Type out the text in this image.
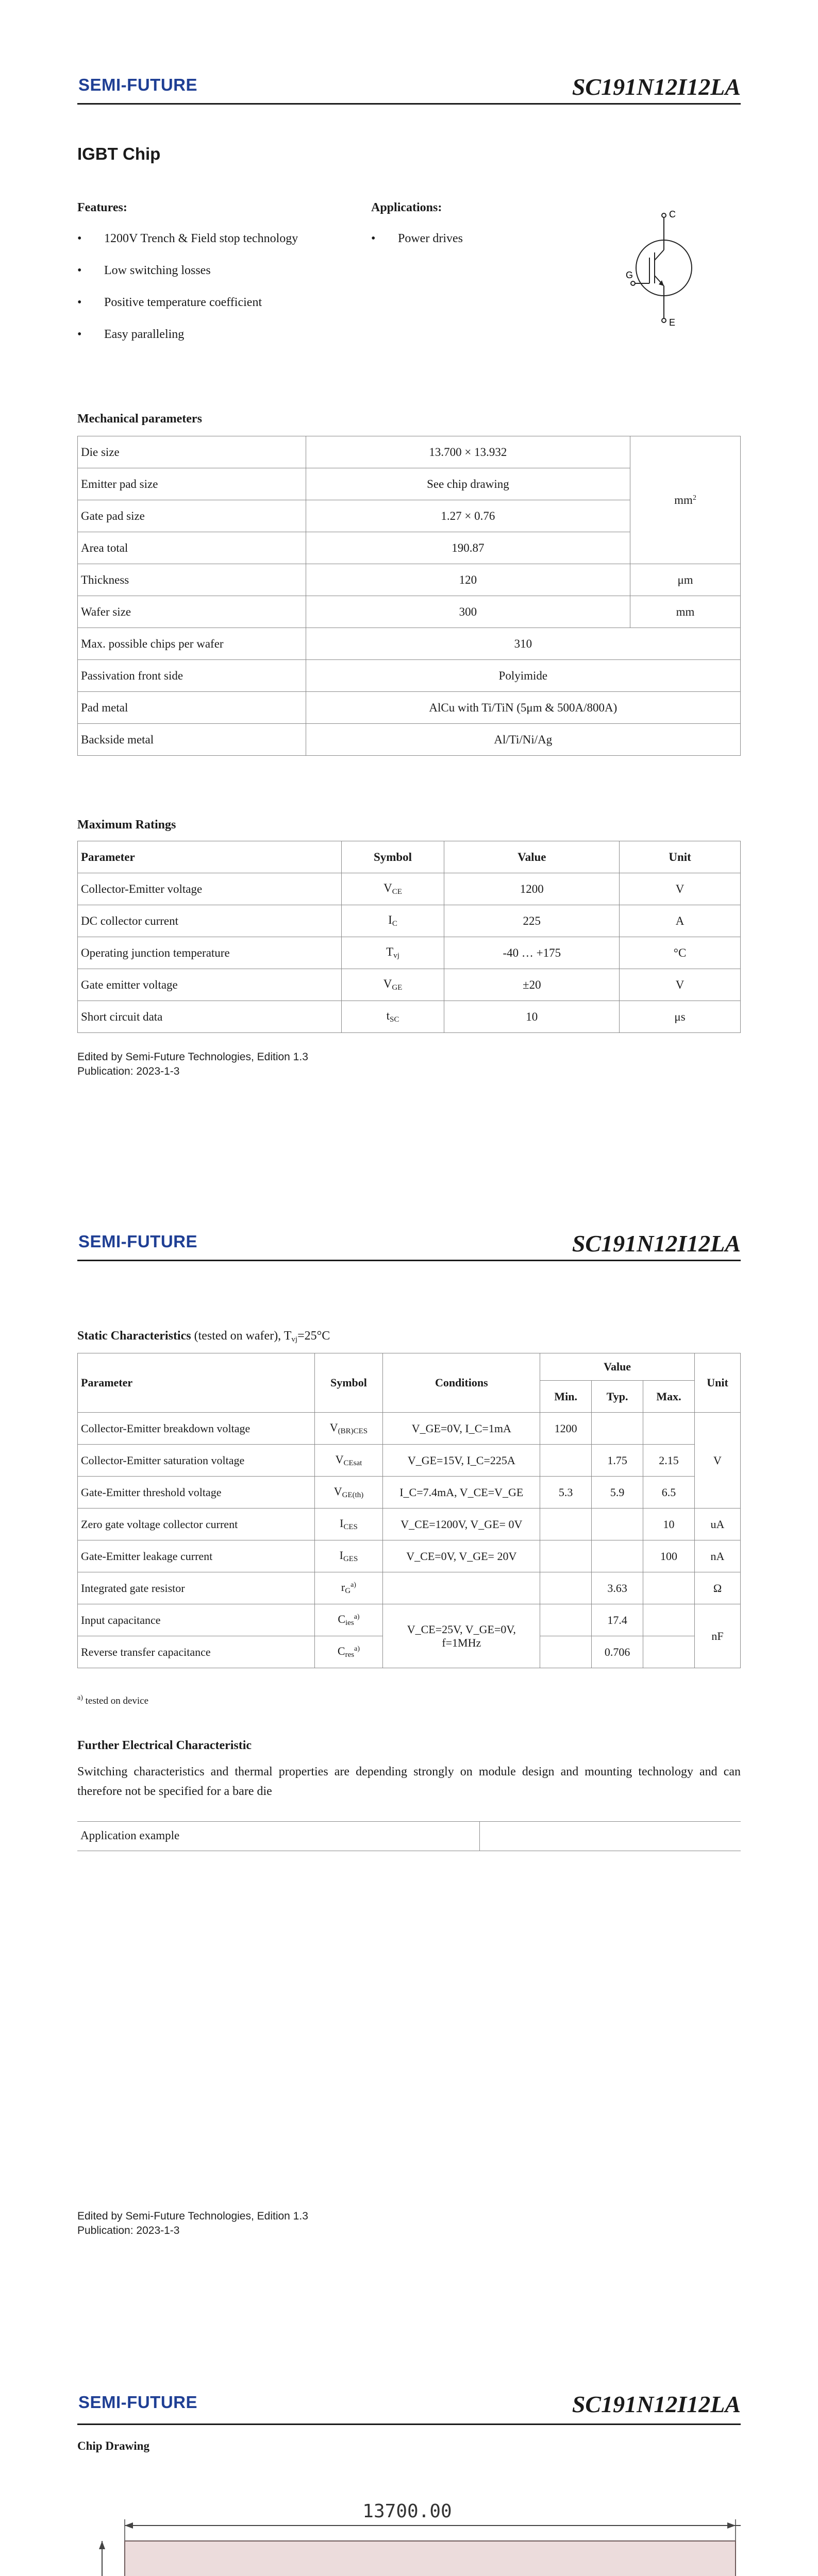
SEMI-FUTURE	SC191N12I12LA
IGBT Chip
Features:
• 1200V Trench & Field stop technology
• Low switching losses
• Positive temperature coefficient
• Easy paralleling
Applications:
• Power drives
C
G
E
Mechanical parameters
Die size	13.700 × 13.932	$mm^2$
Emitter pad size	See chip drawing	
Gate pad size	1.27 × 0.76	
Area total	190.87	
Thickness	120	μm
Wafer size	300	mm
Max. possible chips per wafer	310	
Passivation front side	Polyimide	
Pad metal	AlCu with Ti/TiN (5μm & 500A/800A)	
Backside metal	Al/Ti/Ni/Ag	
Maximum Ratings
Parameter	Symbol	Value	Unit
Collector-Emitter voltage	$V_{CE}$	1200	V
DC collector current	$I_C$	225	A
Operating junction temperature	$T_{vj}$	-40 … +175	°C
Gate emitter voltage	$V_{GE}$	±20	V
Short circuit data	$t_{SC}$	10	μs
Edited by Semi-Future Technologies, Edition 1.3
Publication: 2023-1-3
SEMI-FUTURE	SC191N12I12LA
Static Characteristics (tested on wafer), $T_{vj}=25^\circ C$
Parameter	Symbol	Conditions	Value			Unit
			Min.	Typ.	Max.	
Collector-Emitter breakdown voltage	$V_{(BR)CES}$	V_GE=0V, I_C=1mA	1200			V
Collector-Emitter saturation voltage	$V_{CEsat}$	V_GE=15V, I_C=225A		1.75	2.15	
Gate-Emitter threshold voltage	$V_{GE(th)}$	I_C=7.4mA, V_CE=V_GE	5.3	5.9	6.5	
Zero gate voltage collector current	$I_{CES}$	V_CE=1200V, V_GE= 0V			10	uA
Gate-Emitter leakage current	$I_{GES}$	V_CE=0V, V_GE= 20V			100	nA
Integrated gate resistor	$r_G^{a)}$			3.63		Ω
Input capacitance	$C_{ies}^{a)}$	V_CE=25V, V_GE=0V,
f=1MHz		17.4		nF
Reverse transfer capacitance	$C_{res}^{a)}$			0.706		
$^{a)}$ tested on device
Further Electrical Characteristic
Switching characteristics and thermal properties are depending strongly on module design and mounting technology and can therefore not be specified for a bare die
Application example
Edited by Semi-Future Technologies, Edition 1.3
Publication: 2023-1-3
SEMI-FUTURE	SC191N12I12LA
Chip Drawing
13700.00
